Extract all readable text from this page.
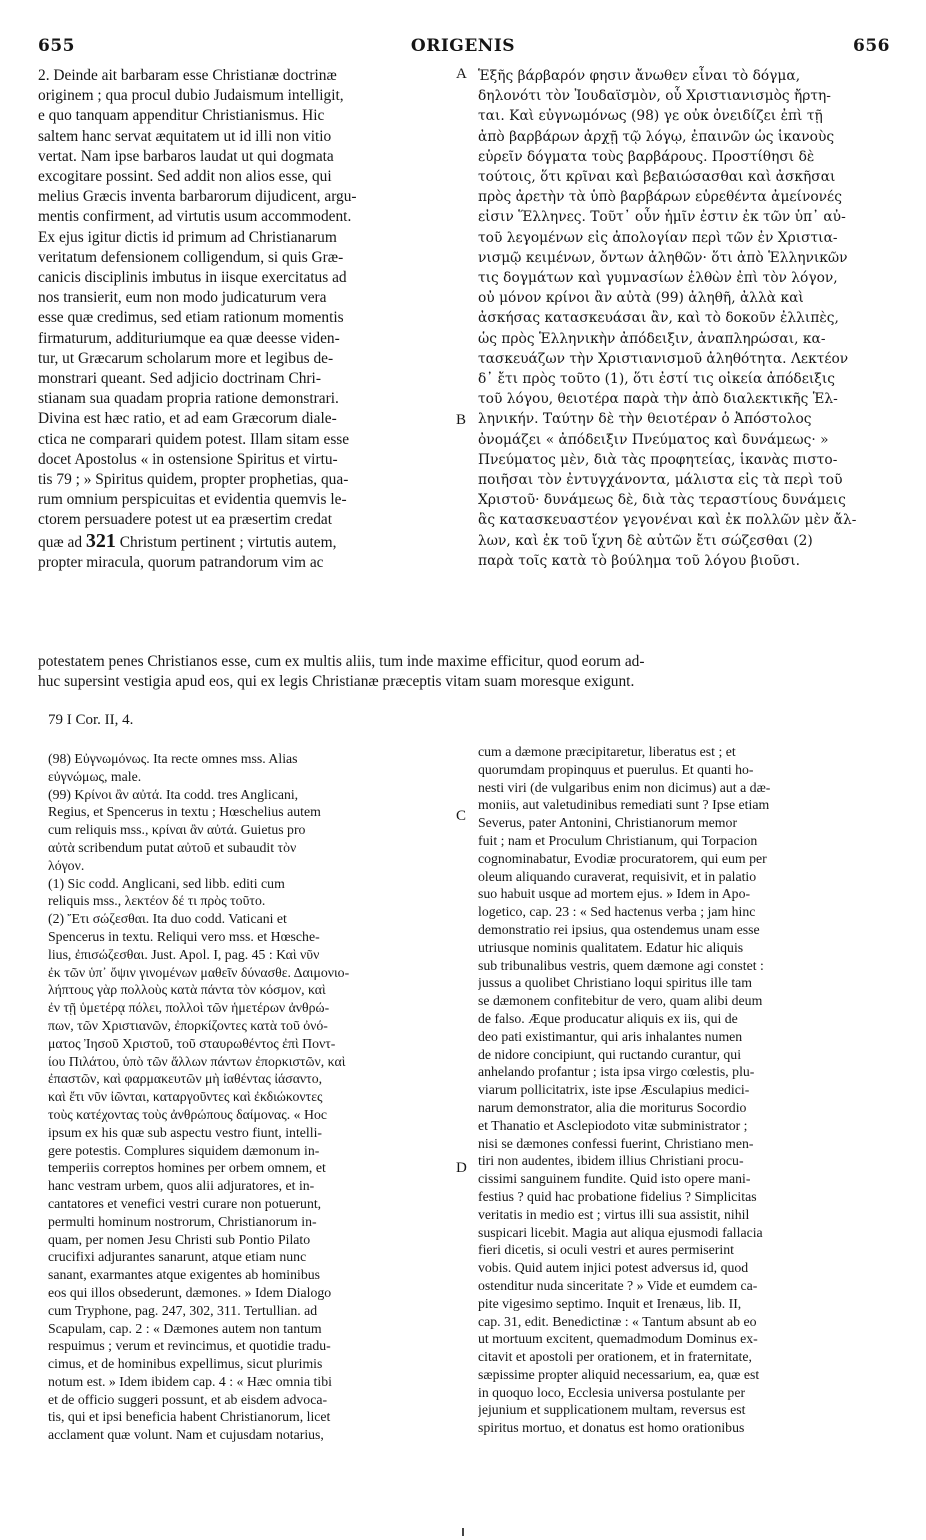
655	ORIGENIS	656
2. Deinde ait barbaram esse Christianæ doctrinæ
originem ; qua procul dubio Judaismum intelligit,
e quo tanquam appenditur Christianismus. Hic
saltem hanc servat æquitatem ut id illi non vitio
vertat. Nam ipse barbaros laudat ut qui dogmata
excogitare possint. Sed addit non alios esse, qui
melius Græcis inventa barbarorum dijudicent, argu-
mentis confirment, ad virtutis usum accommodent.
Ex ejus igitur dictis id primum ad Christianarum
veritatum defensionem colligendum, si quis Græ-
canicis disciplinis imbutus in iisque exercitatus ad
nos transierit, eum non modo judicaturum vera
esse quæ credimus, sed etiam rationum momentis
firmaturum, addituriumque ea quæ deesse viden-
tur, ut Græcarum scholarum more et legibus de-
monstrari queant. Sed adjicio doctrinam Chri-
stianam sua quadam propria ratione demonstrari.
Divina est hæc ratio, et ad eam Græcorum diale-
ctica ne comparari quidem potest. Illam sitam esse
docet Apostolus « in ostensione Spiritus et virtu-
tis 79 ; » Spiritus quidem, propter prophetias, qua-
rum omnium perspicuitas et evidentia quemvis le-
ctorem persuadere potest ut ea præsertim credat
quæ ad 321 Christum pertinent ; virtutis autem,
propter miracula, quorum patrandorum vim ac
Ἑξῆς βάρβαρόν φησιν ἄνωθεν εἶναι τὸ δόγμα,
δηλονότι τὸν Ἰουδαϊσμὸν, οὗ Χριστιανισμὸς ἤρτη-
ται. Καὶ εὐγνωμόνως (98) γε οὐκ ὀνειδίζει ἐπὶ τῇ
ἀπὸ βαρβάρων ἀρχῇ τῷ λόγῳ, ἐπαινῶν ὡς ἱκανοὺς
εὑρεῖν δόγματα τοὺς βαρβάρους. Προστίθησι δὲ
τούτοις, ὅτι κρῖναι καὶ βεβαιώσασθαι καὶ ἀσκῆσαι
πρὸς ἀρετὴν τὰ ὑπὸ βαρβάρων εὑρεθέντα ἀμείνονές
εἰσιν Ἕλληνες. Τοῦτ᾽ οὖν ἡμῖν ἐστιν ἐκ τῶν ὑπ᾽ αὐ-
τοῦ λεγομένων εἰς ἀπολογίαν περὶ τῶν ἐν Χριστια-
νισμῷ κειμένων, ὄντων ἀληθῶν· ὅτι ἀπὸ Ἑλληνικῶν
τις δογμάτων καὶ γυμνασίων ἐλθὼν ἐπὶ τὸν λόγον,
οὐ μόνον κρίνοι ἂν αὐτὰ (99) ἀληθῆ, ἀλλὰ καὶ
ἀσκήσας κατασκευάσαι ἂν, καὶ τὸ δοκοῦν ἐλλιπὲς,
ὡς πρὸς Ἑλληνικὴν ἀπόδειξιν, ἀναπληρώσαι, κα-
τασκευάζων τὴν Χριστιανισμοῦ ἀληθότητα. Λεκτέον
δ᾽ ἔτι πρὸς τοῦτο (1), ὅτι ἐστί τις οἰκεία ἀπόδειξις
τοῦ λόγου, θειοτέρα παρὰ τὴν ἀπὸ διαλεκτικῆς Ἑλ-
ληνικήν. Ταύτην δὲ τὴν θειοτέραν ὁ Ἀπόστολος
ὀνομάζει « ἀπόδειξιν Πνεύματος καὶ δυνάμεως· »
Πνεύματος μὲν, διὰ τὰς προφητείας, ἱκανὰς πιστο-
ποιῆσαι τὸν ἐντυγχάνοντα, μάλιστα εἰς τὰ περὶ τοῦ
Χριστοῦ· δυνάμεως δὲ, διὰ τὰς τεραστίους δυνάμεις
ἃς κατασκευαστέον γεγονέναι καὶ ἐκ πολλῶν μὲν ἄλ-
λων, καὶ ἐκ τοῦ ἴχνη δὲ αὐτῶν ἔτι σώζεσθαι (2)
παρὰ τοῖς κατὰ τὸ βούλημα τοῦ λόγου βιοῦσι.
potestatem penes Christianos esse, cum ex multis aliis, tum inde maxime efficitur, quod eorum ad-
huc supersint vestigia apud eos, qui ex legis Christianæ præceptis vitam suam moresque exigunt.
79 I Cor. II, 4.
(98) Εὐγνωμόνως. Ita recte omnes mss. Alias
εὐγνώμως, male.
(99) Κρίνοι ἂν αὐτά. Ita codd. tres Anglicani,
Regius, et Spencerus in textu ; Hœschelius autem
cum reliquis mss., κρίναι ἂν αὐτά. Guietus pro
αὐτὰ scribendum putat αὐτοῦ et subaudit τὸν
λόγον.
(1) Sic codd. Anglicani, sed libb. editi cum
reliquis mss., λεκτέον δέ τι πρὸς τοῦτο.
(2) Ἔτι σώζεσθαι. Ita duo codd. Vaticani et
Spencerus in textu. Reliqui vero mss. et Hœsche-
lius, ἐπισώζεσθαι. Just. Apol. I, pag. 45 : Καὶ νῦν
ἐκ τῶν ὑπ᾽ ὄψιν γινομένων μαθεῖν δύνασθε. Δαιμονιο-
λήπτους γὰρ πολλοὺς κατὰ πάντα τὸν κόσμον, καὶ
ἐν τῇ ὑμετέρᾳ πόλει, πολλοὶ τῶν ἡμετέρων ἀνθρώ-
πων, τῶν Χριστιανῶν, ἐπορκίζοντες κατὰ τοῦ ὀνό-
ματος Ἰησοῦ Χριστοῦ, τοῦ σταυρωθέντος ἐπὶ Ποντ-
ίου Πιλάτου, ὑπὸ τῶν ἄλλων πάντων ἐπορκιστῶν, καὶ
ἐπαστῶν, καὶ φαρμακευτῶν μὴ ἰαθέντας ἰάσαντο,
καὶ ἔτι νῦν ἰῶνται, καταργοῦντες καὶ ἐκδιώκοντες
τοὺς κατέχοντας τοὺς ἀνθρώπους δαίμονας. « Hoc
ipsum ex his quæ sub aspectu vestro fiunt, intelli-
gere potestis. Complures siquidem dæmonum in-
temperiis correptos homines per orbem omnem, et
hanc vestram urbem, quos alii adjuratores, et in-
cantatores et venefici vestri curare non potuerunt,
permulti hominum nostrorum, Christianorum in-
quam, per nomen Jesu Christi sub Pontio Pilato
crucifixi adjurantes sanarunt, atque etiam nunc
sanant, exarmantes atque exigentes ab hominibus
eos qui illos obsederunt, dæmones. » Idem Dialogo
cum Tryphone, pag. 247, 302, 311. Tertullian. ad
Scapulam, cap. 2 : « Dæmones autem non tantum
respuimus ; verum et revincimus, et quotidie tradu-
cimus, et de hominibus expellimus, sicut plurimis
notum est. » Idem ibidem cap. 4 : « Hæc omnia tibi
et de officio suggeri possunt, et ab eisdem advoca-
tis, qui et ipsi beneficia habent Christianorum, licet
acclament quæ volunt. Nam et cujusdam notarius,
cum a dæmone præcipitaretur, liberatus est ; et
quorumdam propinquus et puerulus. Et quanti ho-
nesti viri (de vulgaribus enim non dicimus) aut a dæ-
moniis, aut valetudinibus remediati sunt ? Ipse etiam
Severus, pater Antonini, Christianorum memor
fuit ; nam et Proculum Christianum, qui Torpacion
cognominabatur, Evodiæ procuratorem, qui eum per
oleum aliquando curaverat, requisivit, et in palatio
suo habuit usque ad mortem ejus. » Idem in Apo-
logetico, cap. 23 : « Sed hactenus verba ; jam hinc
demonstratio rei ipsius, qua ostendemus unam esse
utriusque nominis qualitatem. Edatur hic aliquis
sub tribunalibus vestris, quem dæmone agi constet :
jussus a quolibet Christiano loqui spiritus ille tam
se dæmonem confitebitur de vero, quam alibi deum
de falso. Æque producatur aliquis ex iis, qui de
deo pati existimantur, qui aris inhalantes numen
de nidore concipiunt, qui ructando curantur, qui
anhelando profantur ; ista ipsa virgo cœlestis, plu-
viarum pollicitatrix, iste ipse Æsculapius medici-
narum demonstrator, alia die moriturus Socordio
et Thanatio et Asclepiodoto vitæ subministrator ;
nisi se dæmones confessi fuerint, Christiano men-
tiri non audentes, ibidem illius Christiani procu-
cissimi sanguinem fundite. Quid isto opere mani-
festius ? quid hac probatione fidelius ? Simplicitas
veritatis in medio est ; virtus illi sua assistit, nihil
suspicari licebit. Magia aut aliqua ejusmodi fallacia
fieri dicetis, si oculi vestri et aures permiserint
vobis. Quid autem injici potest adversus id, quod
ostenditur nuda sinceritate ? » Vide et eumdem ca-
pite vigesimo septimo. Inquit et Irenæus, lib. II,
cap. 31, edit. Benedictinæ : « Tantum absunt ab eo
ut mortuum excitent, quemadmodum Dominus ex-
citavit et apostoli per orationem, et in fraternitate,
sæpissime propter aliquid necessarium, ea, quæ est
in quoquo loco, Ecclesia universa postulante per
jejunium et supplicationem multam, reversus est
spiritus mortuo, et donatus est homo orationibus
A
B
C
D
